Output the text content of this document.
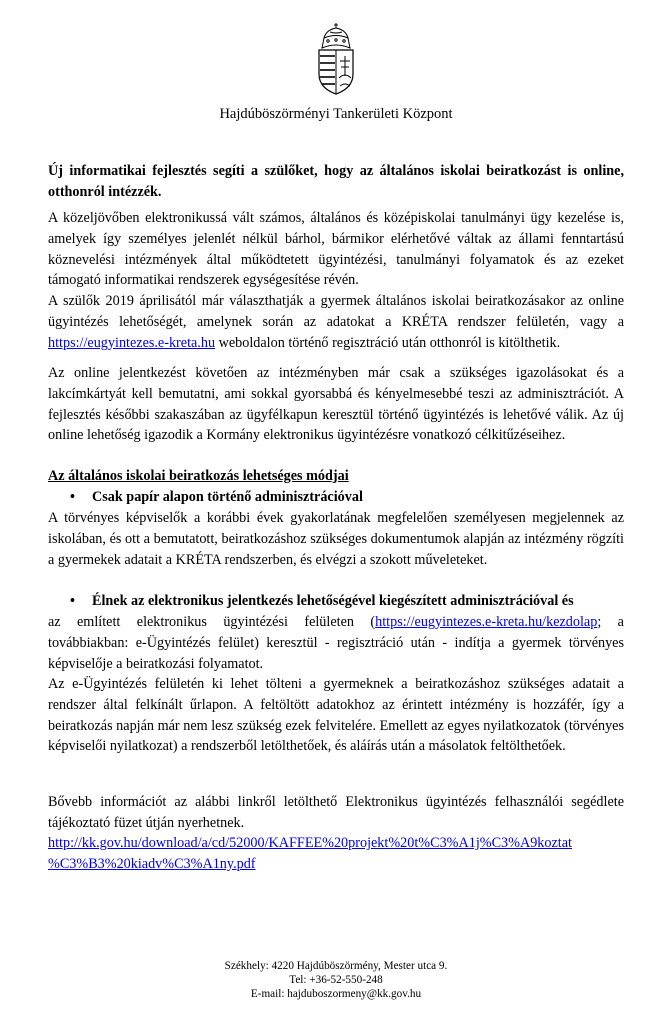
Hajdúböszörményi Tankerületi Központ
Új informatikai fejlesztés segíti a szülőket, hogy az általános iskolai beiratkozást is online, otthonról intézzék.
A közeljövőben elektronikussá vált számos, általános és középiskolai tanulmányi ügy kezelése is, amelyek így személyes jelenlét nélkül bárhol, bármikor elérhetővé váltak az állami fenntartású köznevelési intézmények által működtetett ügyintézési, tanulmányi folyamatok és az ezeket támogató informatikai rendszerek egységesítése révén.
A szülők 2019 áprilisától már választhatják a gyermek általános iskolai beiratkozásakor az online ügyintézés lehetőségét, amelynek során az adatokat a KRÉTA rendszer felületén, vagy a https://eugyintezes.e-kreta.hu weboldalon történő regisztráció után otthonról is kitölthetik.
Az online jelentkezést követően az intézményben már csak a szükséges igazolásokat és a lakcímkártyát kell bemutatni, ami sokkal gyorsabbá és kényelmesebbé teszi az adminisztrációt. A fejlesztés későbbi szakaszában az ügyfélkapun keresztül történő ügyintézés is lehetővé válik. Az új online lehetőség igazodik a Kormány elektronikus ügyintézésre vonatkozó célkitűzéseihez.
Az általános iskolai beiratkozás lehetséges módjai
• Csak papír alapon történő adminisztrációval
A törvényes képviselők a korábbi évek gyakorlatának megfelelően személyesen megjelennek az iskolában, és ott a bemutatott, beiratkozáshoz szükséges dokumentumok alapján az intézmény rögzíti a gyermekek adatait a KRÉTA rendszerben, és elvégzi a szokott műveleteket.
• Élnek az elektronikus jelentkezés lehetőségével kiegészített adminisztrációval és
az említett elektronikus ügyintézési felületen (https://eugyintezes.e-kreta.hu/kezdolap; a továbbiakban: e-Ügyintézés felület) keresztül - regisztráció után - indítja a gyermek törvényes képviselője a beiratkozási folyamatot.
Az e-Ügyintézés felületén ki lehet tölteni a gyermeknek a beiratkozáshoz szükséges adatait a rendszer által felkínált űrlapon. A feltöltött adatokhoz az érintett intézmény is hozzáfér, így a beiratkozás napján már nem lesz szükség ezek felvitelére. Emellett az egyes nyilatkozatok (törvényes képviselői nyilatkozat) a rendszerből letölthetőek, és aláírás után a másolatok feltölthetőek.
Bővebb információt az alábbi linkről letölthető Elektronikus ügyintézés felhasználói segédlete tájékoztató füzet útján nyerhetnek.
http://kk.gov.hu/download/a/cd/52000/KAFFEE%20projekt%20t%C3%A1j%C3%A9koztat
%C3%B3%20kiadv%C3%A1ny.pdf
Székhely: 4220 Hajdúböszörmény, Mester utca 9.
Tel: +36-52-550-248
E-mail: hajduboszormeny@kk.gov.hu
